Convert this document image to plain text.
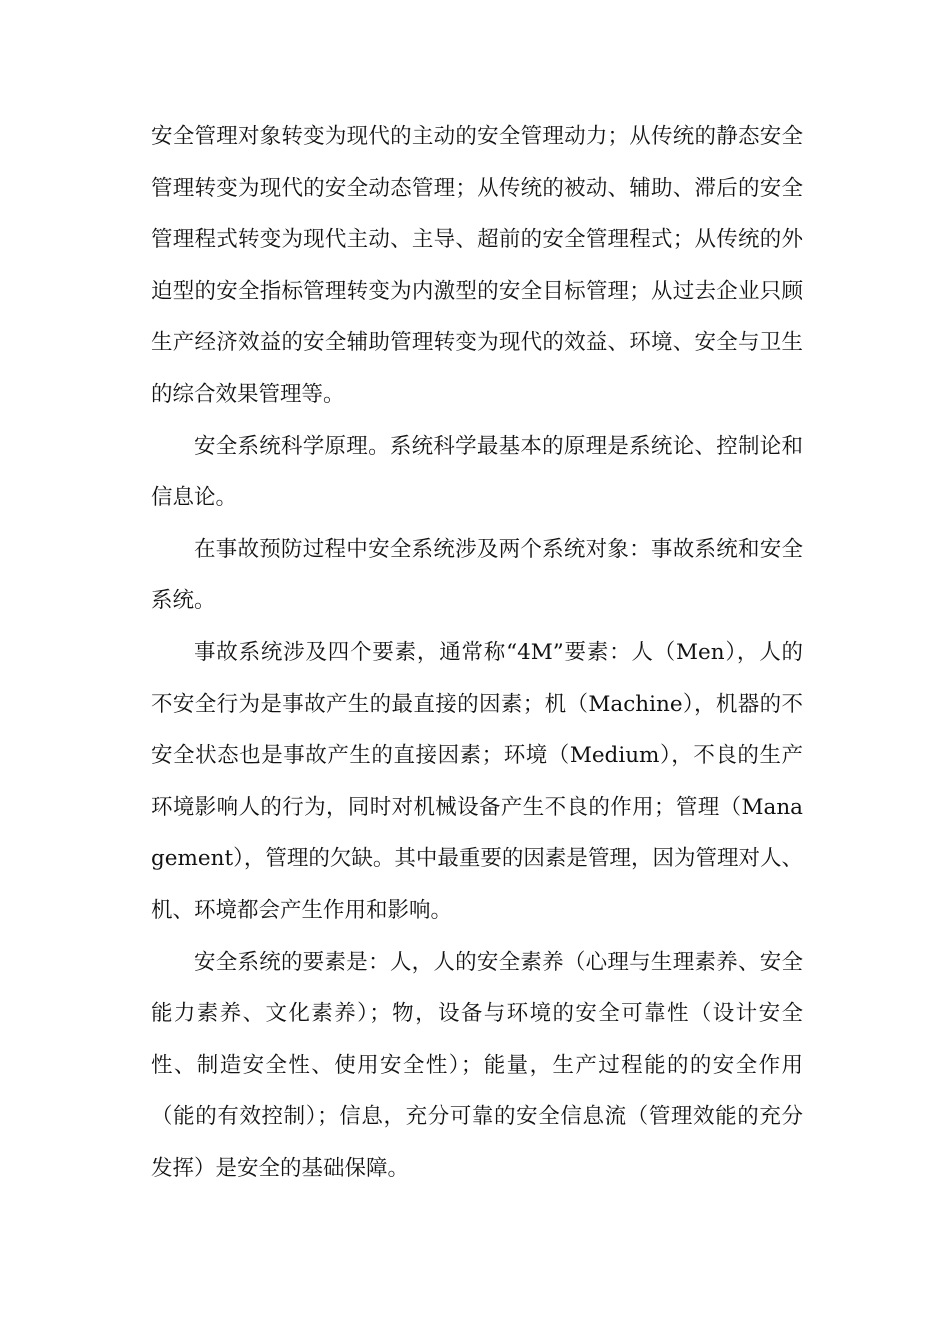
安全管理对象转变为现代的主动的安全管理动力；从传统的静态安全管理转变为现代的安全动态管理；从传统的被动、辅助、滞后的安全管理程式转变为现代主动、主导、超前的安全管理程式；从传统的外迫型的安全指标管理转变为内激型的安全目标管理；从过去企业只顾生产经济效益的安全辅助管理转变为现代的效益、环境、安全与卫生的综合效果管理等。

安全系统科学原理。系统科学最基本的原理是系统论、控制论和信息论。

在事故预防过程中安全系统涉及两个系统对象：事故系统和安全系统。

事故系统涉及四个要素，通常称“4M”要素：人（Men），人的不安全行为是事故产生的最直接的因素；机（Machine），机器的不安全状态也是事故产生的直接因素；环境（Medium），不良的生产环境影响人的行为，同时对机械设备产生不良的作用；管理（Management），管理的欠缺。其中最重要的因素是管理，因为管理对人、机、环境都会产生作用和影响。

安全系统的要素是：人，人的安全素养（心理与生理素养、安全能力素养、文化素养）；物，设备与环境的安全可靠性（设计安全性、制造安全性、使用安全性）；能量，生产过程能的的安全作用（能的有效控制）；信息，充分可靠的安全信息流（管理效能的充分发挥）是安全的基础保障。
